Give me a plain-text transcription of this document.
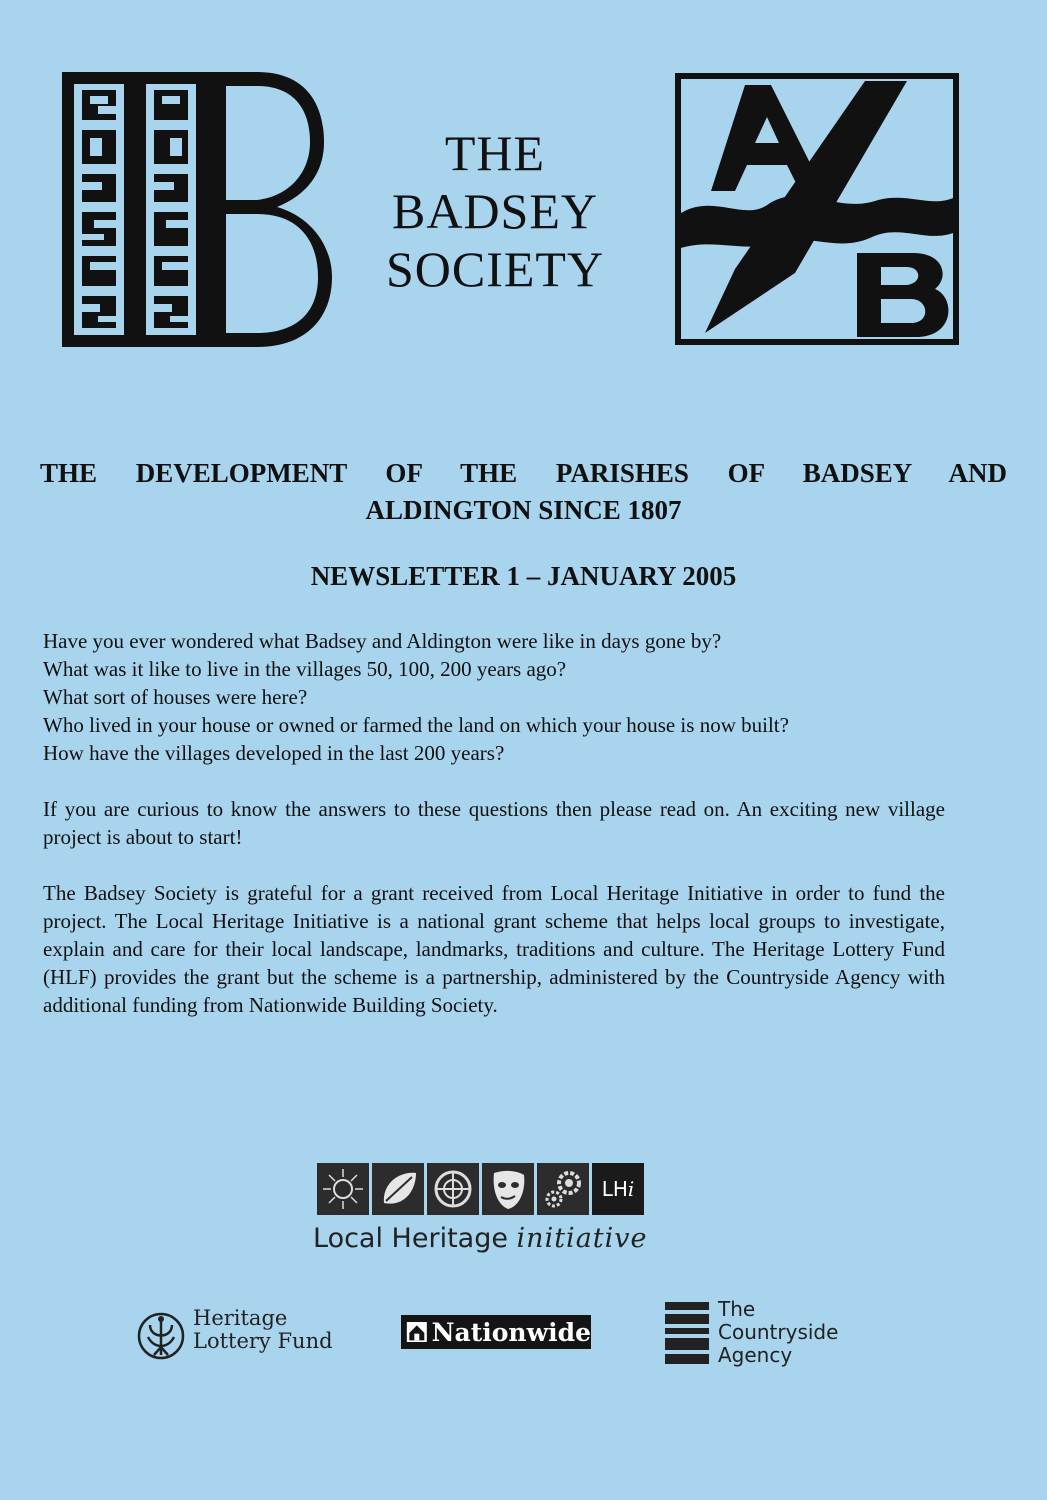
THE
BADSEY
SOCIETY
THE DEVELOPMENT OF THE PARISHES OF BADSEY AND
ALDINGTON SINCE 1807
NEWSLETTER 1 – JANUARY 2005

Have you ever wondered what Badsey and Aldington were like in days gone by?

What was it like to live in the villages 50, 100, 200 years ago?

What sort of houses were here?

Who lived in your house or owned or farmed the land on which your house is now built?

How have the villages developed in the last 200 years?

If you are curious to know the answers to these questions then please read on. An exciting new village project is about to start!

The Badsey Society is grateful for a grant received from Local Heritage Initiative in order to fund the project. The Local Heritage Initiative is a national grant scheme that helps local groups to investigate, explain and care for their local landscape, landmarks, traditions and culture. The Heritage Lottery Fund (HLF) provides the grant but the scheme is a partnership, administered by the Countryside Agency with additional funding from Nationwide Building Society.

LHi
Local Heritage initiative
Heritage
Lottery Fund	Nationwide
The
Countryside
Agency
